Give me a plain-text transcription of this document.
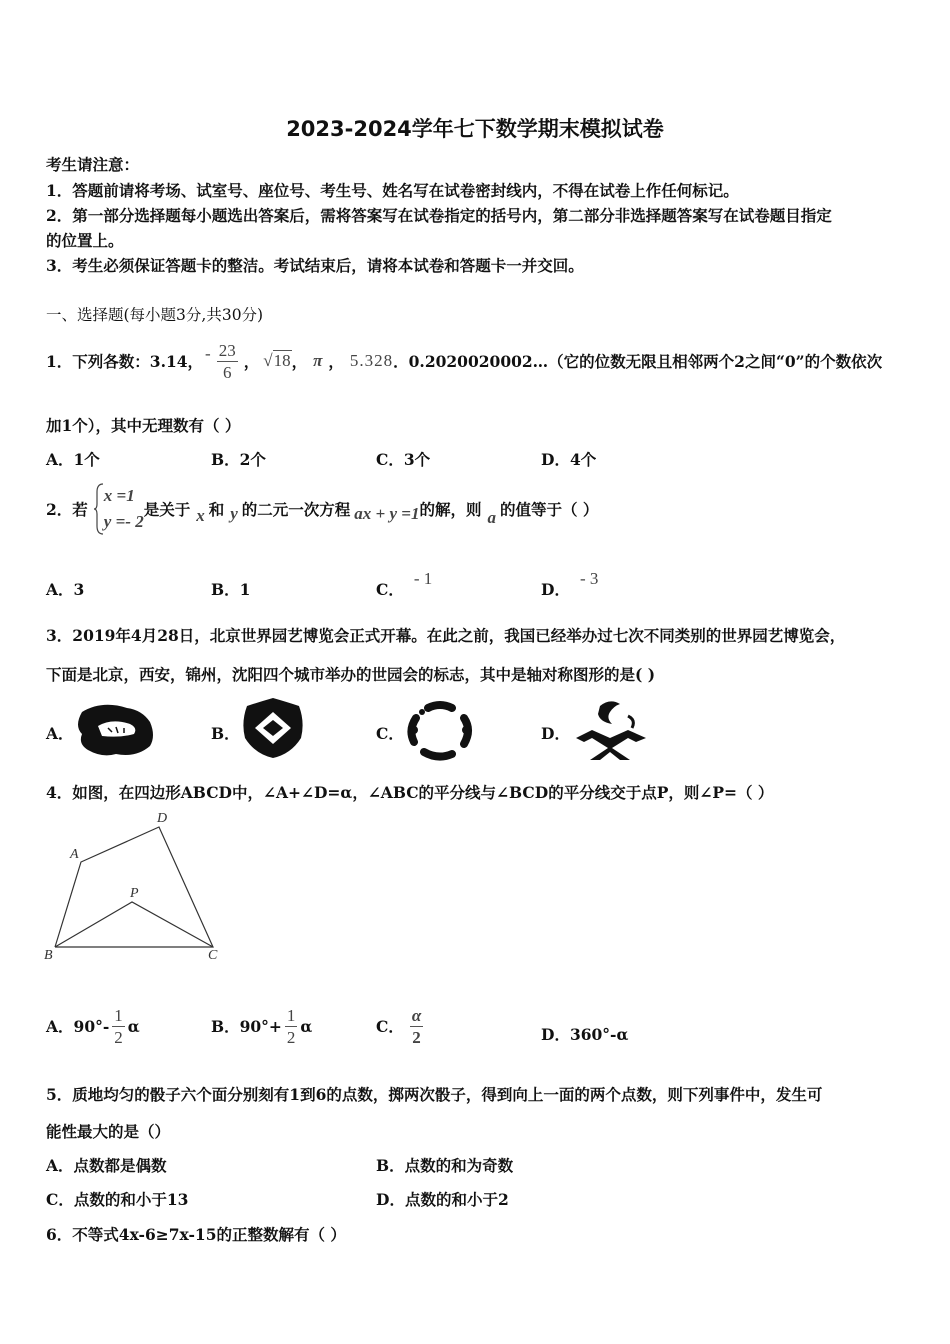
2023-2024学年七下数学期末模拟试卷
考生请注意：
1．答题前请将考场、试室号、座位号、考生号、姓名写在试卷密封线内，不得在试卷上作任何标记。
2．第一部分选择题每小题选出答案后，需将答案写在试卷指定的括号内，第二部分非选择题答案写在试卷题目指定
的位置上。
3．考生必须保证答题卡的整洁。考试结束后，请将本试卷和答题卡一并交回。
一、选择题(每小题3分,共30分)
1．下列各数：3.14， - $\frac{23}{6}$ ， √18 ， π ， 5.328 ．0.2020020002…（它的位数无限且相邻两个2之间“0”的个数依次
加1个），其中无理数有（ ）
A．1个	B．2个	C．3个	D．4个
2．若
x =1
y =- 2
是关于 x 和 y 的二元一次方程 ax + y =1 的解，则 a 的值等于（ ）
A．3	B．1	C．- 1
D．- 3
3．2019年4月28日，北京世界园艺博览会正式开幕。在此之前，我国已经举办过七次不同类别的世界园艺博览会，
下面是北京，西安，锦州，沈阳四个城市举办的世园会的标志，其中是轴对称图形的是( )
A．	B．	C．	D．
4．如图，在四边形ABCD中，∠A+∠D=α，∠ABC的平分线与∠BCD的平分线交于点P，则∠P=（ ）
A
D
P
B	C
A． $90^\circ- \frac{1}{2}$ α	B． $90^\circ+ \frac{1}{2}$ α	C． $\frac{\alpha}{2}$	D．360°-α
5．质地均匀的骰子六个面分别刻有1到6的点数，掷两次骰子，得到向上一面的两个点数，则下列事件中，发生可
能性最大的是（）
A．点数都是偶数	B．点数的和为奇数
C．点数的和小于13	D．点数的和小于2
6．不等式4x-6≥7x-15的正整数解有（ ）
